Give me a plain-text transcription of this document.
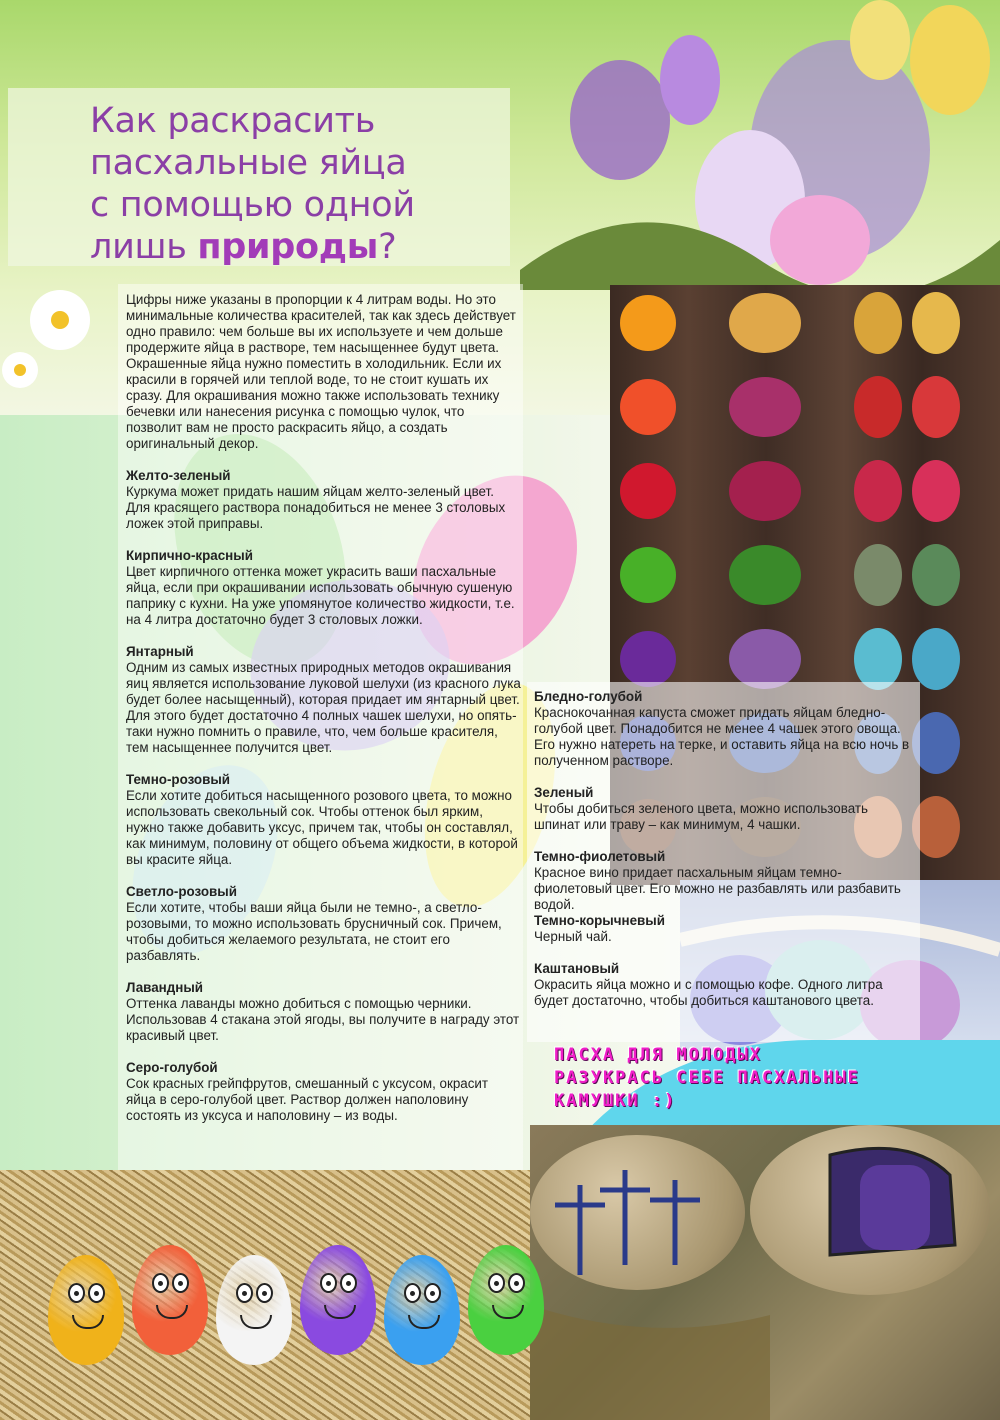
Как раскрасить
пасхальные яйца
с помощью одной
лишь природы?

Цифры ниже указаны в пропорции к 4 литрам воды. Но это минимальные количества красителей, так как здесь действует одно правило: чем больше вы их используете и чем дольше продержите яйца в растворе, тем насыщеннее будут цвета. Окрашенные яйца нужно поместить в холодильник. Если их красили в горячей или теплой воде, то не стоит кушать их сразу. Для окрашивания можно также использовать технику бечевки или нанесения рисунка с помощью чулок, что позволит вам не просто раскрасить яйцо, а создать оригинальный декор.

Желто-зеленый

Куркума может придать нашим яйцам желто-зеленый цвет. Для красящего раствора понадобиться не менее 3 столовых ложек этой приправы.

Кирпично-красный

Цвет кирпичного оттенка может украсить ваши пасхальные яйца, если при окрашивании использовать обычную сушеную паприку с кухни. На уже упомянутое количество жидкости, т.е. на 4 литра достаточно будет 3 столовых ложки.

Янтарный

Одним из самых известных природных методов окрашивания яиц является использование луковой шелухи (из красного лука будет более насыщенный), которая придает им янтарный цвет. Для этого будет достаточно 4 полных чашек шелухи, но опять-таки нужно помнить о правиле, что, чем больше красителя, тем насыщеннее получится цвет.

Темно-розовый

Если хотите добиться насыщенного розового цвета, то можно использовать свекольный сок. Чтобы оттенок был ярким, нужно также добавить уксус, причем так, чтобы он составлял, как минимум, половину от общего объема жидкости, в которой вы красите яйца.

Светло-розовый

Если хотите, чтобы ваши яйца были не темно-, а светло-розовыми, то можно использовать брусничный сок. Причем, чтобы добиться желаемого результата, не стоит его разбавлять.

Лавандный

Оттенка лаванды можно добиться с помощью черники. Использовав 4 стакана этой ягоды, вы получите в награду этот красивый цвет.

Серо-голубой

Сок красных грейпфрутов, смешанный с уксусом, окрасит яйца в серо-голубой цвет. Раствор должен наполовину состоять из уксуса и наполовину – из воды.

Бледно-голубой

Краснокочанная капуста сможет придать яйцам бледно-голубой цвет. Понадобится не менее 4 чашек этого овоща. Его нужно натереть на терке, и оставить яйца на всю ночь в полученном растворе.

Зеленый

Чтобы добиться зеленого цвета, можно использовать шпинат или траву – как минимум, 4 чашки.

Темно-фиолетовый

Красное вино придает пасхальным яйцам темно-фиолетовый цвет. Его можно не разбавлять или разбавить водой.

Темно-корычневый

Черный чай.

Каштановый

Окрасить яйца можно и с помощью кофе. Одного литра будет достаточно, чтобы добиться каштанового цвета.

ПАСХА ДЛЯ МОЛОДЫХ
РАЗУКРАСЬ СЕБЕ ПАСХАЛЬНЫЕ
КАМУШКИ :)
